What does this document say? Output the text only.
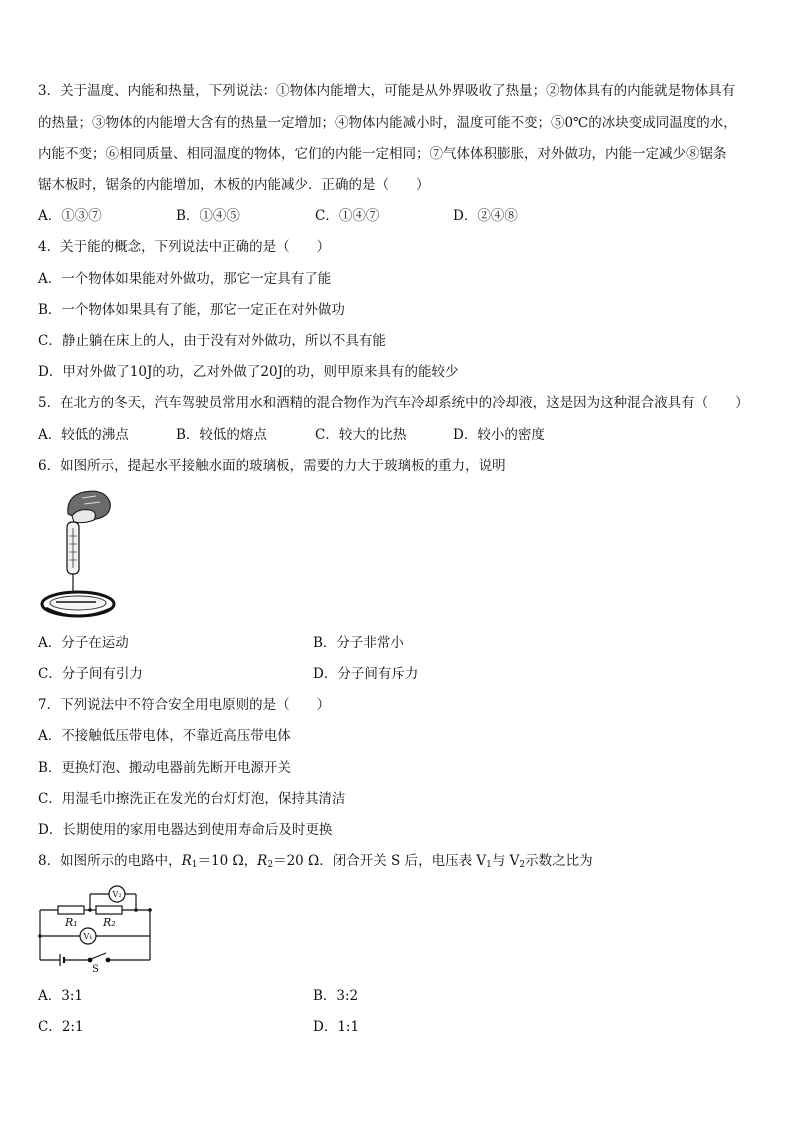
3．关于温度、内能和热量，下列说法：①物体内能增大，可能是从外界吸收了热量；②物体具有的内能就是物体具有
的热量；③物体的内能增大含有的热量一定增加；④物体内能减小时，温度可能不变；⑤0℃的冰块变成同温度的水，
内能不变；⑥相同质量、相同温度的物体，它们的内能一定相同；⑦气体体积膨胀，对外做功，内能一定减少⑧锯条
锯木板时，锯条的内能增加，木板的内能减少．正确的是（　　）
A．①③⑦	B．①④⑤	C．①④⑦	D．②④⑧
4．关于能的概念，下列说法中正确的是（　　）
A．一个物体如果能对外做功，那它一定具有了能
B．一个物体如果具有了能，那它一定正在对外做功
C．静止躺在床上的人，由于没有对外做功，所以不具有能
D．甲对外做了10J的功，乙对外做了20J的功，则甲原来具有的能较少
5．在北方的冬天，汽车驾驶员常用水和酒精的混合物作为汽车冷却系统中的冷却液，这是因为这种混合液具有（　　）
A．较低的沸点	B．较低的熔点	C．较大的比热	D．较小的密度
6．如图所示，提起水平接触水面的玻璃板，需要的力大于玻璃板的重力，说明
A．分子在运动	B．分子非常小
C．分子间有引力	D．分子间有斥力
7．下列说法中不符合安全用电原则的是（　　）
A．不接触低压带电体，不靠近高压带电体
B．更换灯泡、搬动电器前先断开电源开关
C．用湿毛巾擦洗正在发光的台灯灯泡，保持其清洁
D．长期使用的家用电器达到使用寿命后及时更换
8．如图所示的电路中，$R_1=10$ Ω，$R_2=20$ Ω．闭合开关 S 后，电压表 $V_1$与 $V_2$示数之比为
R₁ R₂
V₂
V₁
S
A．3:1	B．3:2
C．2:1	D．1:1
